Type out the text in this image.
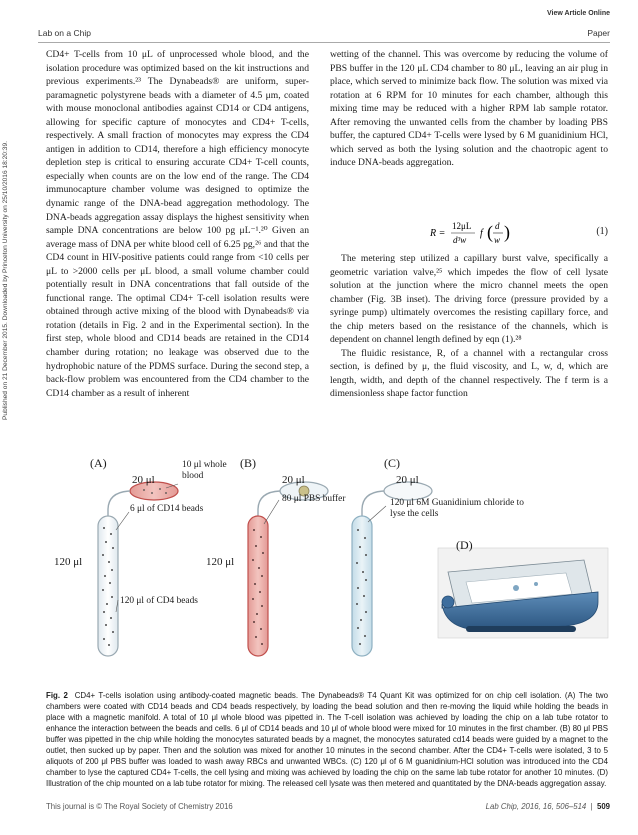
View Article Online
Lab on a Chip	Paper
Published on 21 December 2015. Downloaded by Princeton University on 25/10/2016 18:20:39.

CD4+ T-cells from 10 μL of unprocessed whole blood, and the isolation procedure was optimized based on the kit instructions and previous experiments.²³ The Dynabeads® are uniform, super-paramagnetic polystyrene beads with a diameter of 4.5 μm, coated with mouse monoclonal antibodies against CD14 or CD4 antigens, allowing for specific capture of monocytes and CD4+ T-cells, respectively. A small fraction of monocytes may express the CD4 antigen in addition to CD14, therefore a high efficiency monocyte depletion step is critical to ensuring accurate CD4+ T-cell counts, especially when counts are on the low end of the range. The CD4 immunocapture chamber volume was designed to optimize the dynamic range of the DNA-bead aggregation methodology. The DNA-beads aggregation assay displays the highest sensitivity when sample DNA concentrations are below 100 pg μL⁻¹.²⁰ Given an average mass of DNA per white blood cell of 6.25 pg,²⁶ and that the CD4 count in HIV-positive patients could range from <10 cells per μL to >2000 cells per μL blood, a small volume chamber could potentially result in DNA concentrations that fall outside of the functional range. The optimal CD4+ T-cell isolation results were obtained through active mixing of the blood with Dynabeads® via rotation (details in Fig. 2 and in the Experimental section). In the first step, whole blood and CD14 beads are retained in the CD14 chamber during rotation; no leakage was observed due to the hydrophobic nature of the PDMS surface. During the second step, a back-flow problem was encountered from the CD4 chamber to the CD14 chamber as a result of inherent

wetting of the channel. This was overcome by reducing the volume of PBS buffer in the 120 μL CD4 chamber to 80 μL, leaving an air plug in place, which served to minimize back flow. The solution was mixed via rotation at 6 RPM for 10 minutes for each chamber, although this mixing time may be reduced with a higher RPM lab sample rotator. After removing the unwanted cells from the chamber by loading PBS buffer, the captured CD4+ T-cells were lysed by 6 M guanidinium HCl, which served as both the lysing solution and the chaotropic agent to induce DNA-beads aggregation.

R =
12μL
d³w
f ( d
w )	(1)

The metering step utilized a capillary burst valve, specifically a geometric variation valve,²⁵ which impedes the flow of cell lysate solution at the junction where the micro channel meets the open chamber (Fig. 3B inset). The driving force (pressure provided by a syringe pump) ultimately overcomes the resisting capillary force, and the chip meters based on the resistance of the channels, which is dependent on channel length defined by eqn (1).²⁸

The fluidic resistance, R, of a channel with a rectangular cross section, is defined by μ, the fluid viscosity, and L, w, d, which are length, width, and depth of the channel respectively. The f term is a dimensionless shape factor function

(A)	10 μl whole blood
20 μl
6 μl of CD14 beads
120 μl
120 μl of CD4 beads
(B)
20 μl
80 μl PBS buffer
120 μl
(C)
20 μl
120 μl 6M Guanidinium chloride to lyse the cells
(D)
Fig. 2 CD4+ T-cells isolation using antibody-coated magnetic beads. The Dynabeads® T4 Quant Kit was optimized for on chip cell isolation. (A) The two chambers were coated with CD14 beads and CD4 beads respectively, by loading the bead solution and then re-moving the liquid while holding the beads in place with a magnetic manifold. A total of 10 μl whole blood was pipetted in. The T-cell isolation was achieved by loading the chip on a lab tube rotator to enhance the interaction between the beads and cells. 6 μl of CD14 beads and 10 μl of whole blood were mixed for 10 minutes in the first chamber. (B) 80 μl PBS buffer was pipetted in the chip while holding the monocytes saturated beads by a magnet, the monocytes saturated cd14 beads were guided by a magnet to the outlet, then sucked up by paper. Then and the solution was mixed for another 10 minutes in the second chamber. After the CD4+ T-cells were isolated, 3 to 5 aliquots of 200 μl PBS buffer was loaded to wash away RBCs and unwanted WBCs. (C) 120 μl of 6 M guanidinium-HCl solution was introduced into the CD4 chamber to lyse the captured CD4+ T-cells, the cell lysing and mixing was achieved by loading the chip on the same lab tube rotator for another 10 minutes. (D) Illustration of the chip mounted on a lab tube rotator for mixing. The released cell lysate was then metered and quantitated by the DNA-beads aggregation assay.
This journal is © The Royal Society of Chemistry 2016	Lab Chip, 2016, 16, 506–514 | 509
